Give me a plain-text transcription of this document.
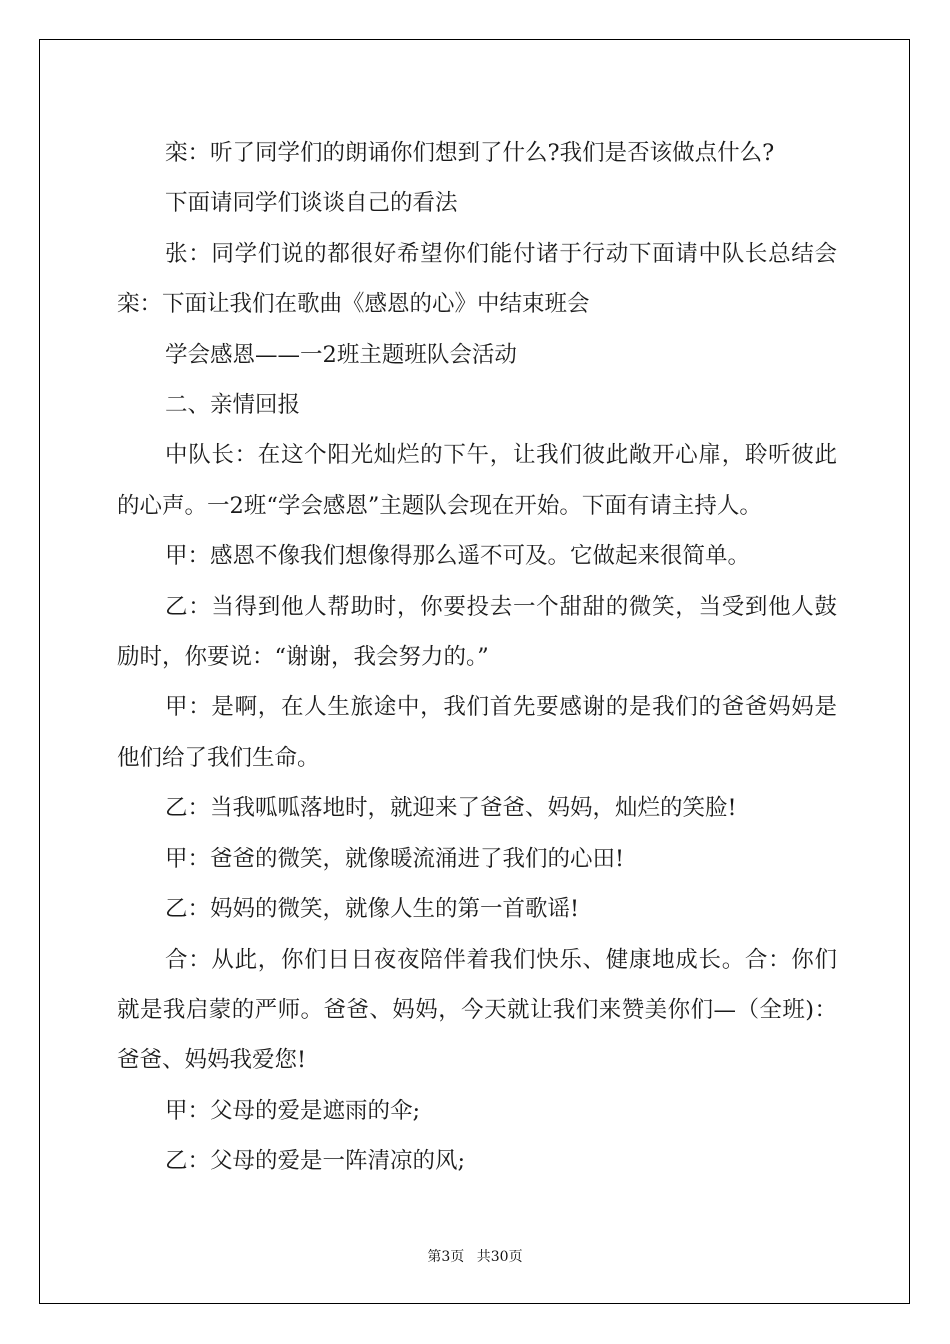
栾：听了同学们的朗诵你们想到了什么?我们是否该做点什么?

下面请同学们谈谈自己的看法

张：同学们说的都很好希望你们能付诸于行动下面请中队长总结会栾：下面让我们在歌曲《感恩的心》中结束班会

学会感恩——一2班主题班队会活动

二、亲情回报

中队长：在这个阳光灿烂的下午，让我们彼此敞开心扉，聆听彼此的心声。一2班“学会感恩”主题队会现在开始。下面有请主持人。

甲：感恩不像我们想像得那么遥不可及。它做起来很简单。

乙：当得到他人帮助时，你要投去一个甜甜的微笑，当受到他人鼓励时，你要说：“谢谢，我会努力的。”

甲：是啊，在人生旅途中，我们首先要感谢的是我们的爸爸妈妈是他们给了我们生命。

乙：当我呱呱落地时，就迎来了爸爸、妈妈，灿烂的笑脸!

甲：爸爸的微笑，就像暖流涌进了我们的心田!

乙：妈妈的微笑，就像人生的第一首歌谣!

合：从此，你们日日夜夜陪伴着我们快乐、健康地成长。合：你们就是我启蒙的严师。爸爸、妈妈，今天就让我们来赞美你们—（全班)：爸爸、妈妈我爱您!

甲：父母的爱是遮雨的伞;

乙：父母的爱是一阵清凉的风;

第3页 共30页
